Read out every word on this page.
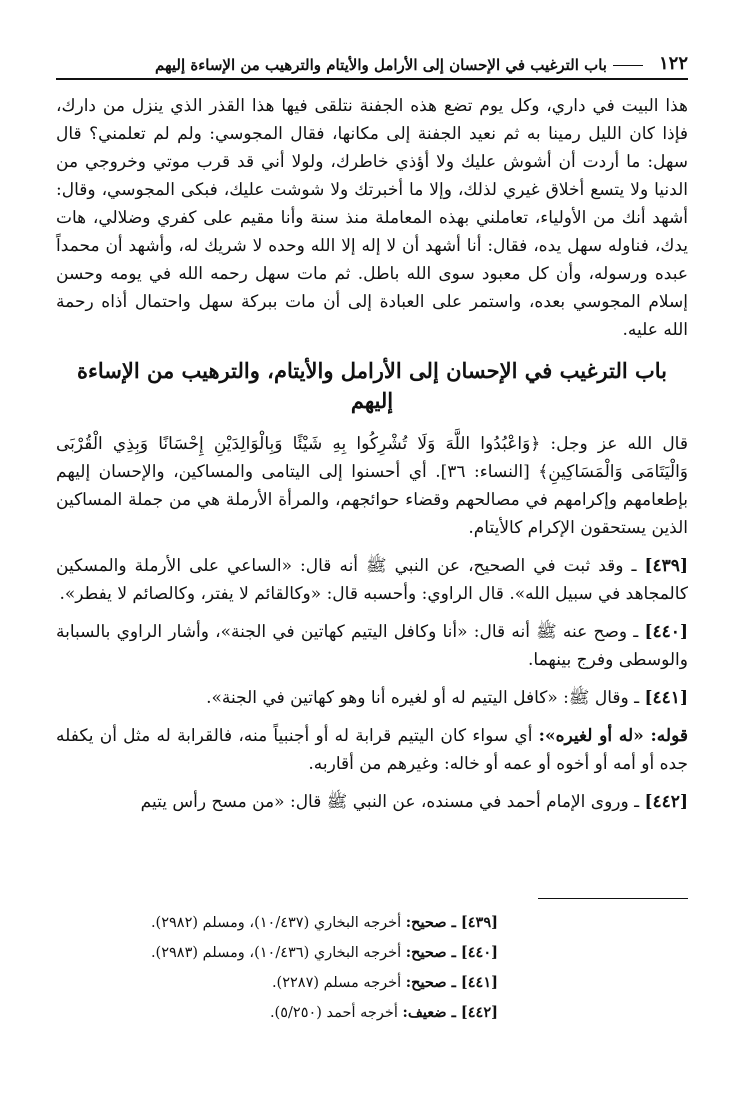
١٢٢
باب الترغيب في الإحسان إلى الأرامل والأيتام والترهيب من الإساءة إليهم

هذا البيت في داري، وكل يوم تضع هذه الجفنة نتلقى فيها هذا القذر الذي ينزل من دارك، فإذا كان الليل رمينا به ثم نعيد الجفنة إلى مكانها، فقال المجوسي: ولم لم تعلمني؟ قال سهل: ما أردت أن أشوش عليك ولا أؤذي خاطرك، ولولا أني قد قرب موتي وخروجي من الدنيا ولا يتسع أخلاق غيري لذلك، وإلا ما أخبرتك ولا شوشت عليك، فبكى المجوسي، وقال: أشهد أنك من الأولياء، تعاملني بهذه المعاملة منذ سنة وأنا مقيم على كفري وضلالي، هات يدك، فناوله سهل يده، فقال: أنا أشهد أن لا إله إلا الله وحده لا شريك له، وأشهد أن محمداً عبده ورسوله، وأن كل معبود سوى الله باطل. ثم مات سهل رحمه الله في يومه وحسن إسلام المجوسي بعده، واستمر على العبادة إلى أن مات ببركة سهل واحتمال أذاه رحمة الله عليه.

باب الترغيب في الإحسان إلى الأرامل والأيتام، والترهيب من الإساءة إليهم

قال الله عز وجل: ﴿وَاعْبُدُوا اللَّهَ وَلَا تُشْرِكُوا بِهِ شَيْئًا وَبِالْوَالِدَيْنِ إِحْسَانًا وَبِذِي الْقُرْبَى وَالْيَتَامَى وَالْمَسَاكِينِ﴾ [النساء: ٣٦]. أي أحسنوا إلى اليتامى والمساكين، والإحسان إليهم بإطعامهم وإكرامهم في مصالحهم وقضاء حوائجهم، والمرأة الأرملة هي من جملة المساكين الذين يستحقون الإكرام كالأيتام.

[٤٣٩] ـ وقد ثبت في الصحيح، عن النبي ﷺ أنه قال: «الساعي على الأرملة والمسكين كالمجاهد في سبيل الله». قال الراوي: وأحسبه قال: «وكالقائم لا يفتر، وكالصائم لا يفطر».

[٤٤٠] ـ وصح عنه ﷺ أنه قال: «أنا وكافل اليتيم كهاتين في الجنة»، وأشار الراوي بالسبابة والوسطى وفرج بينهما.

[٤٤١] ـ وقال ﷺ: «كافل اليتيم له أو لغيره أنا وهو كهاتين في الجنة».

قوله: «له أو لغيره»: أي سواء كان اليتيم قرابة له أو أجنبياً منه، فالقرابة له مثل أن يكفله جده أو أمه أو أخوه أو عمه أو خاله: وغيرهم من أقاربه.

[٤٤٢] ـ وروى الإمام أحمد في مسنده، عن النبي ﷺ قال: «من مسح رأس يتيم

[٤٣٩] ـ صحيح: أخرجه البخاري (١٠/٤٣٧)، ومسلم (٢٩٨٢).
[٤٤٠] ـ صحيح: أخرجه البخاري (١٠/٤٣٦)، ومسلم (٢٩٨٣).
[٤٤١] ـ صحيح: أخرجه مسلم (٢٢٨٧).
[٤٤٢] ـ ضعيف: أخرجه أحمد (٥/٢٥٠).
